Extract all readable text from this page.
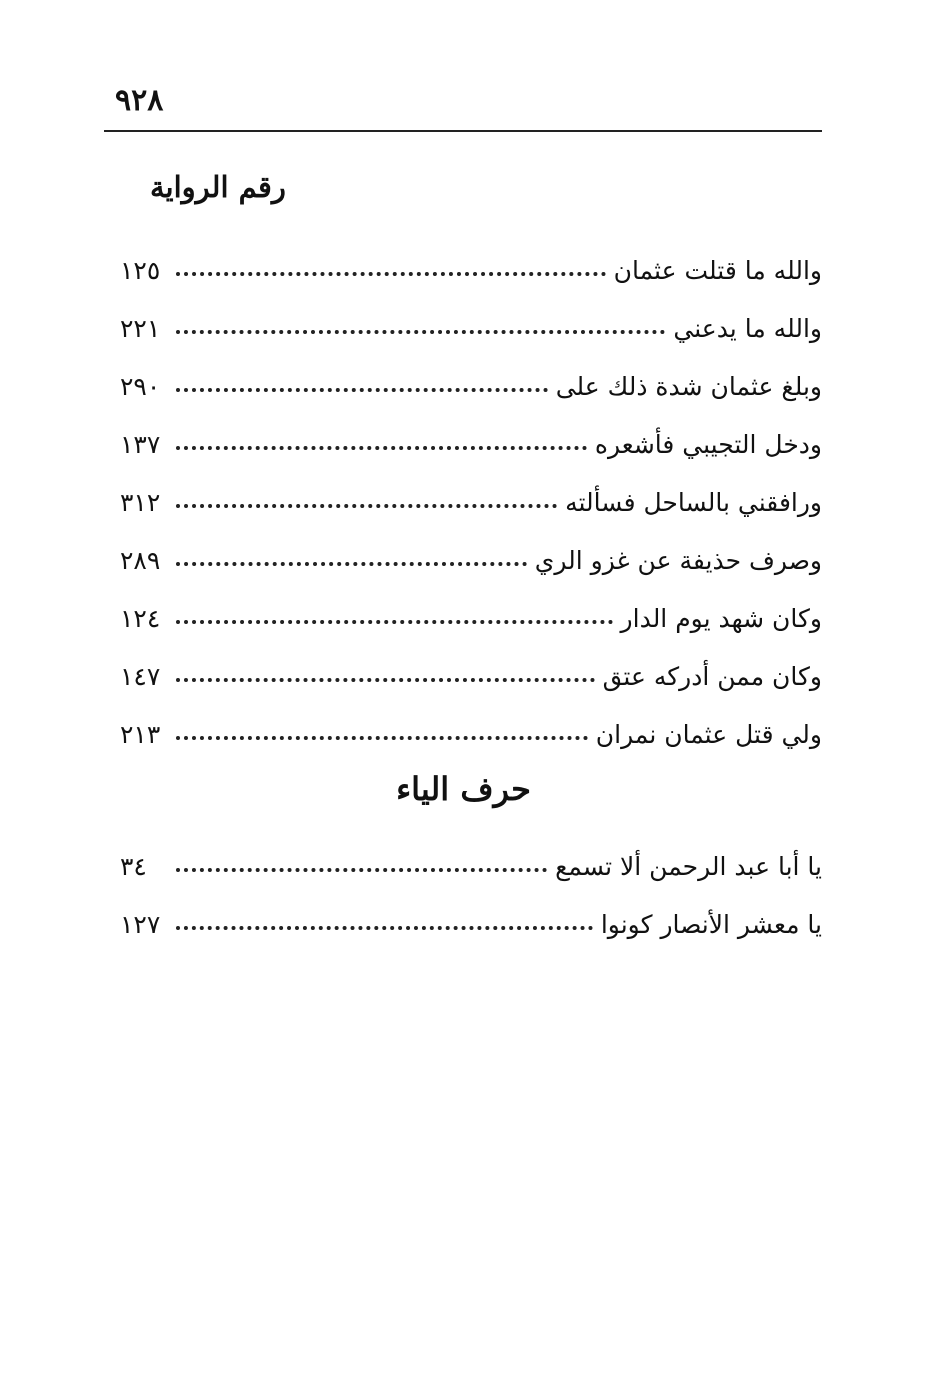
٩٢٨
رقم الرواية
والله ما قتلت عثمان
١٢٥
والله ما يدعني
٢٢١
وبلغ عثمان شدة ذلك على
٢٩٠
ودخل التجيبي فأشعره
١٣٧
ورافقني بالساحل فسألته
٣١٢
وصرف حذيفة عن غزو الري
٢٨٩
وكان شهد يوم الدار
١٢٤
وكان ممن أدركه عتق
١٤٧
ولي قتل عثمان نمران
٢١٣
حرف الياء
يا أبا عبد الرحمن ألا تسمع
٣٤
يا معشر الأنصار كونوا
١٢٧
